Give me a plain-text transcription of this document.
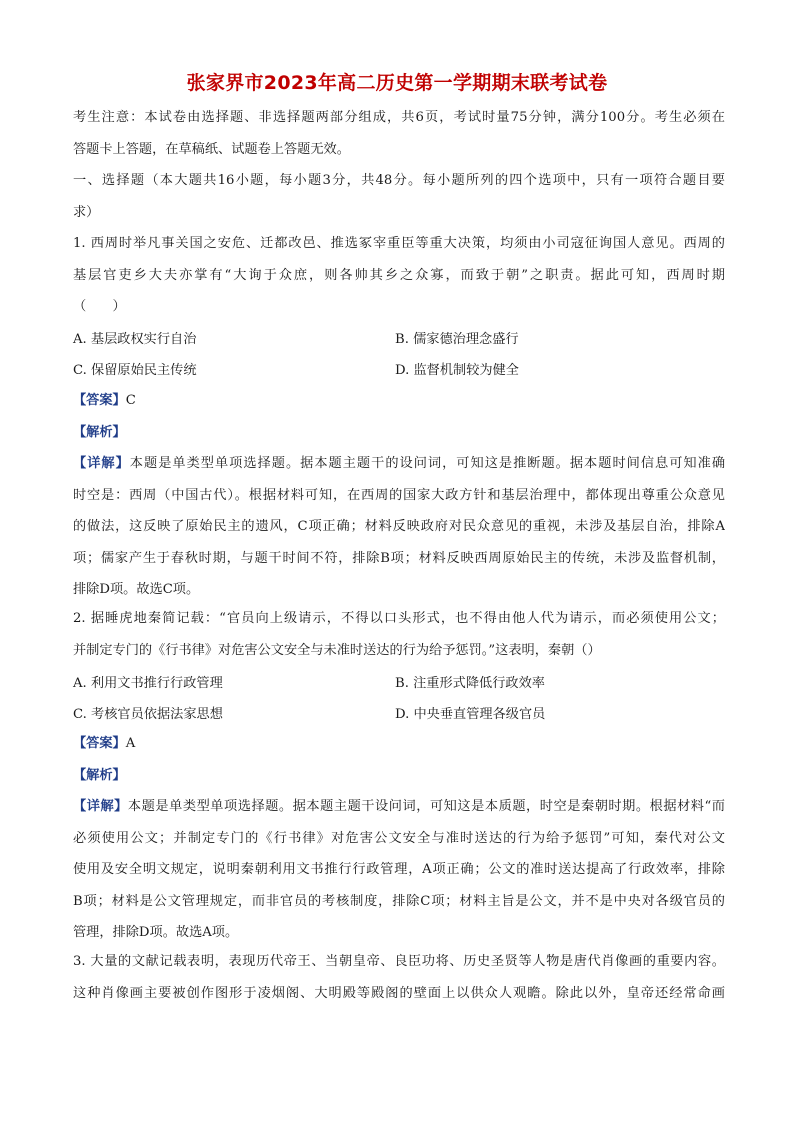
张家界市2023年高二历史第一学期期末联考试卷
考生注意：本试卷由选择题、非选择题两部分组成，共6页，考试时量75分钟，满分100分。考生必须在
答题卡上答题，在草稿纸、试题卷上答题无效。
一、选择题（本大题共16小题，每小题3分，共48分。每小题所列的四个选项中，只有一项符合题目要
求）
1. 西周时举凡事关国之安危、迁都改邑、推选冢宰重臣等重大决策，均须由小司寇征询国人意见。西周的
基层官吏乡大夫亦掌有“大询于众庶，则各帅其乡之众寡，而致于朝”之职责。据此可知，西周时期
（　　）
A. 基层政权实行自治	B. 儒家德治理念盛行
C. 保留原始民主传统	D. 监督机制较为健全
【答案】C
【解析】
【详解】本题是单类型单项选择题。据本题主题干的设问词，可知这是推断题。据本题时间信息可知准确
时空是：西周（中国古代）。根据材料可知，在西周的国家大政方针和基层治理中，都体现出尊重公众意见
的做法，这反映了原始民主的遗风，C项正确；材料反映政府对民众意见的重视，未涉及基层自治，排除A
项；儒家产生于春秋时期，与题干时间不符，排除B项；材料反映西周原始民主的传统，未涉及监督机制，
排除D项。故选C项。
2. 据睡虎地秦简记载：“官员向上级请示，不得以口头形式，也不得由他人代为请示，而必须使用公文；
并制定专门的《行书律》对危害公文安全与未准时送达的行为给予惩罚。”这表明，秦朝（）
A. 利用文书推行行政管理	B. 注重形式降低行政效率
C. 考核官员依据法家思想	D. 中央垂直管理各级官员
【答案】A
【解析】
【详解】本题是单类型单项选择题。据本题主题干设问词，可知这是本质题，时空是秦朝时期。根据材料“而
必须使用公文；并制定专门的《行书律》对危害公文安全与准时送达的行为给予惩罚”可知，秦代对公文
使用及安全明文规定，说明秦朝利用文书推行行政管理，A项正确；公文的准时送达提高了行政效率，排除
B项；材料是公文管理规定，而非官员的考核制度，排除C项；材料主旨是公文，并不是中央对各级官员的
管理，排除D项。故选A项。
3. 大量的文献记载表明，表现历代帝王、当朝皇帝、良臣功将、历史圣贤等人物是唐代肖像画的重要内容。
这种肖像画主要被创作图形于凌烟阁、大明殿等殿阁的壁面上以供众人观瞻。除此以外，皇帝还经常命画
